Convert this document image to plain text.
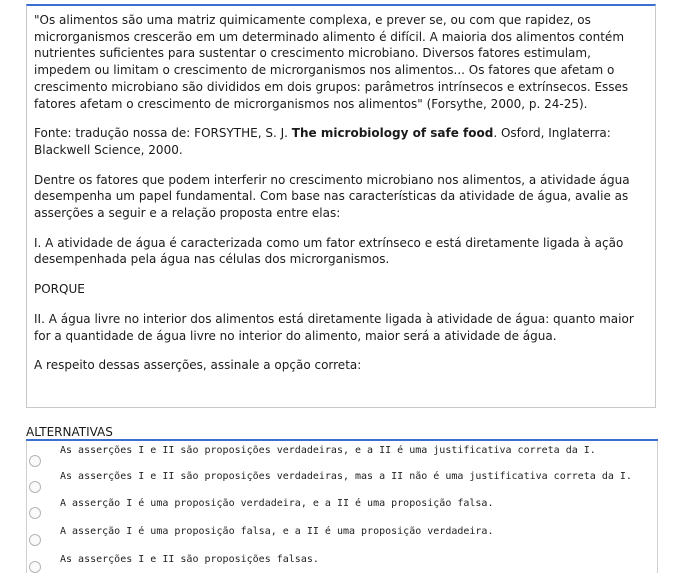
"Os alimentos são uma matriz quimicamente complexa, e prever se, ou com que rapidez, os microrganismos crescerão em um determinado alimento é difícil. A maioria dos alimentos contém nutrientes suficientes para sustentar o crescimento microbiano. Diversos fatores estimulam, impedem ou limitam o crescimento de microrganismos nos alimentos... Os fatores que afetam o crescimento microbiano são divididos em dois grupos: parâmetros intrínsecos e extrínsecos. Esses fatores afetam o crescimento de microrganismos nos alimentos" (Forsythe, 2000, p. 24-25).

Fonte: tradução nossa de: FORSYTHE, S. J. The microbiology of safe food. Osford, Inglaterra: Blackwell Science, 2000.

Dentre os fatores que podem interferir no crescimento microbiano nos alimentos, a atividade água desempenha um papel fundamental. Com base nas características da atividade de água, avalie as asserções a seguir e a relação proposta entre elas:

I. A atividade de água é caracterizada como um fator extrínseco e está diretamente ligada à ação desempenhada pela água nas células dos microrganismos.

PORQUE

II. A água livre no interior dos alimentos está diretamente ligada à atividade de água: quanto maior for a quantidade de água livre no interior do alimento, maior será a atividade de água.

A respeito dessas asserções, assinale a opção correta:

ALTERNATIVAS
As asserções I e II são proposições verdadeiras, e a II é uma justificativa correta da I.
As asserções I e II são proposições verdadeiras, mas a II não é uma justificativa correta da I.
A asserção I é uma proposição verdadeira, e a II é uma proposição falsa.
A asserção I é uma proposição falsa, e a II é uma proposição verdadeira.
As asserções I e II são proposições falsas.
